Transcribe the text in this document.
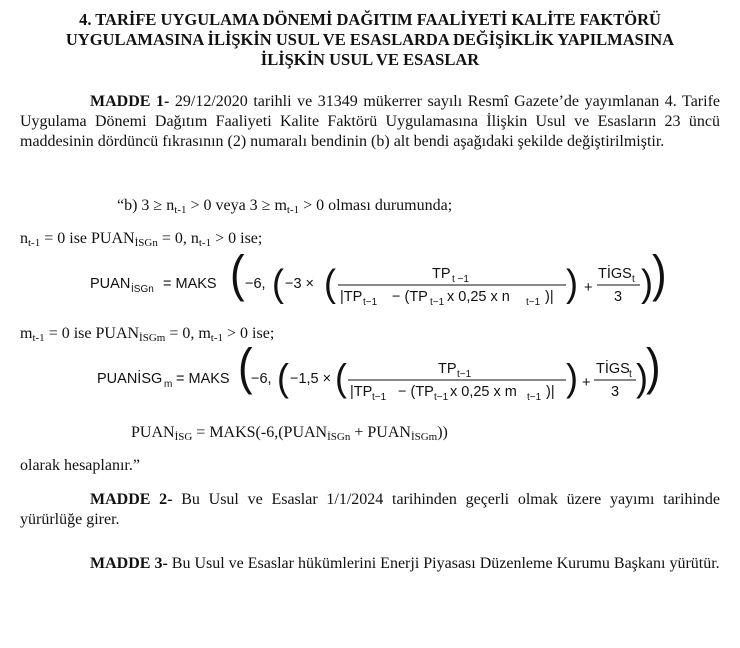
4. TARİFE UYGULAMA DÖNEMİ DAĞITIM FAALİYETİ KALİTE FAKTÖRÜ
UYGULAMASINA İLİŞKİN USUL VE ESASLARDA DEĞİŞİKLİK YAPILMASINA
İLİŞKİN USUL VE ESASLAR
MADDE 1- 29/12/2020 tarihli ve 31349 mükerrer sayılı Resmî Gazete’de yayımlanan 4. Tarife Uygulama Dönemi Dağıtım Faaliyeti Kalite Faktörü Uygulamasına İlişkin Usul ve Esasların 23 üncü maddesinin dördüncü fıkrasının (2) numaralı bendinin (b) alt bendi aşağıdaki şekilde değiştirilmiştir.
“b) $3 \ge n_{t-1} > 0$ veya $3 \ge m_{t-1} > 0$ olması durumunda;
$n_{t-1} = 0$ ise $PUAN_{İSGn} = 0$, $n_{t-1} > 0$ ise;
$m_{t-1} = 0$ ise $PUAN_{İSGm} = 0$, $m_{t-1} > 0$ ise;
PUAN İSGn = MAKS ( −6, ( −3 × (	TP t −1
|TP t−1 − (TP t−1 x 0,25 x n t−1 )| ) +
TİGS t
3 ) )
PUANİSG m = MAKS (
−6, ( −1,5 × (	TP t−1
|TP t−1 − (TP t−1 x 0,25 x m t−1 )| ) +
TİGS t
3 )
)
$PUAN_{İSG}$ = $MAKS(-6,(PUAN_{İSGn}$ + $PUAN_{İSGm}$))
olarak hesaplanır.”
MADDE 2- Bu Usul ve Esaslar 1/1/2024 tarihinden geçerli olmak üzere yayımı tarihinde yürürlüğe girer.
MADDE 3- Bu Usul ve Esaslar hükümlerini Enerji Piyasası Düzenleme Kurumu Başkanı yürütür.
